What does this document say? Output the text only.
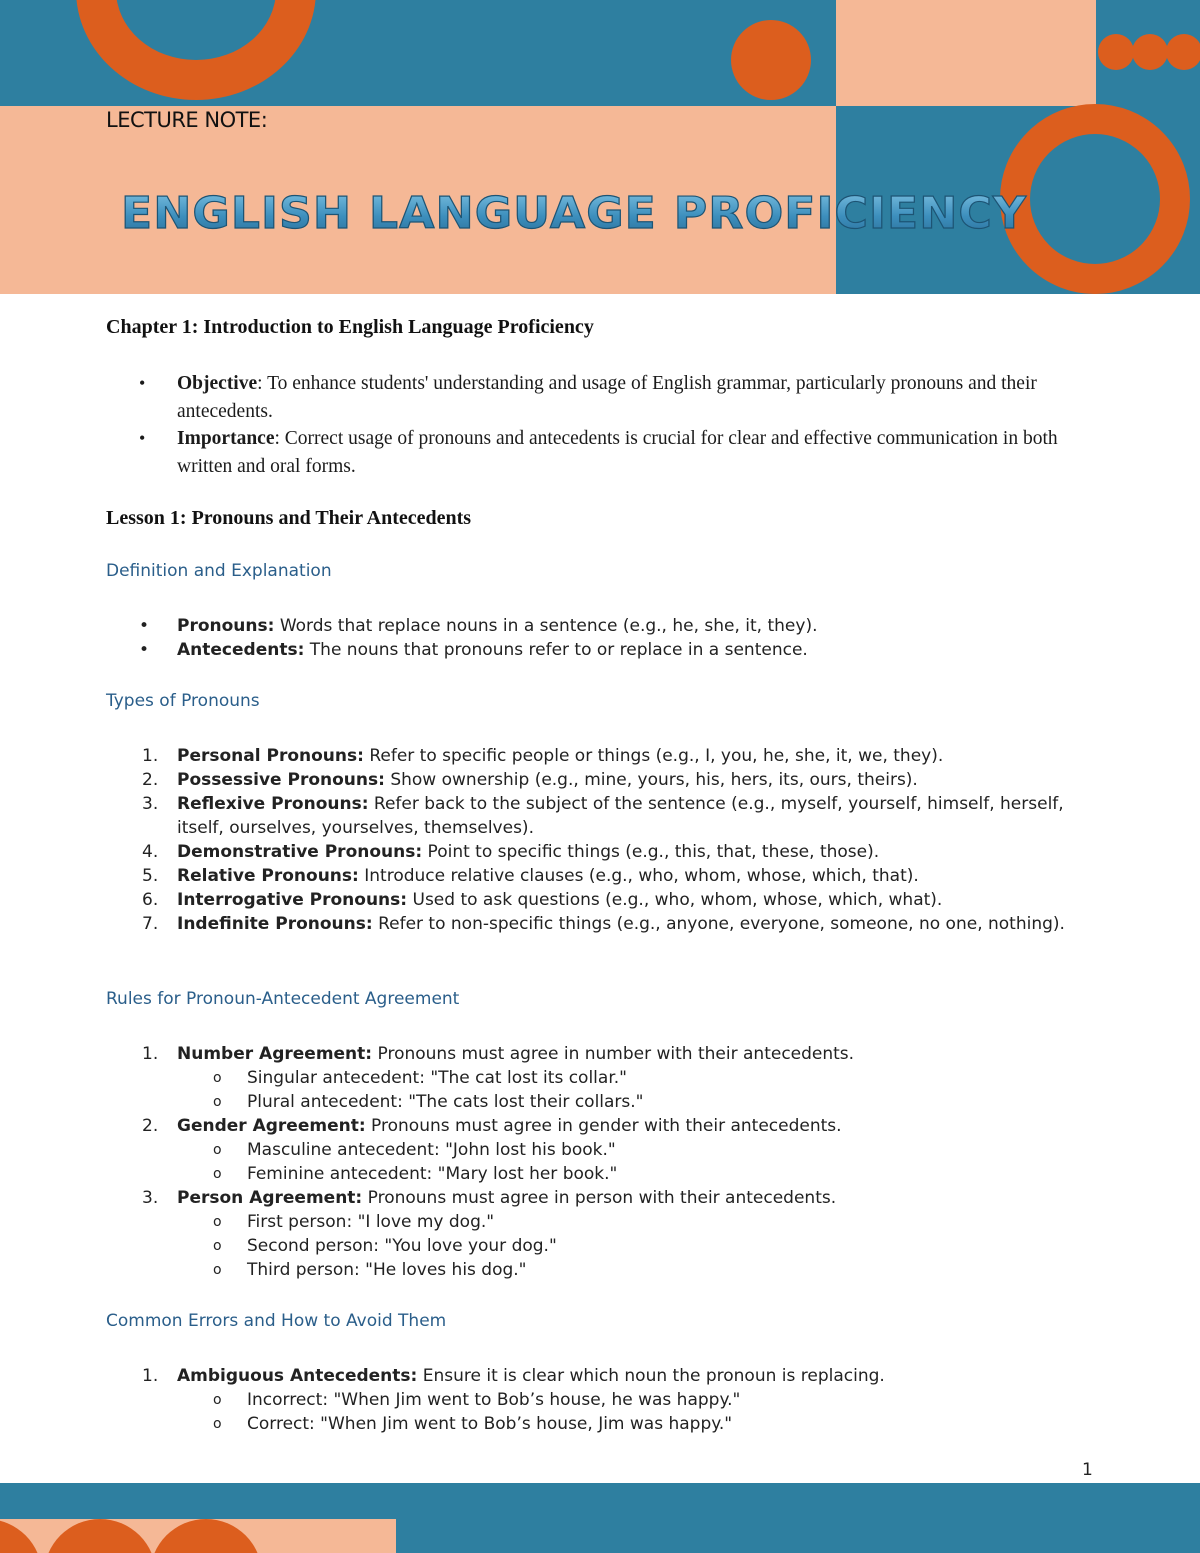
LECTURE NOTE:

ENGLISH LANGUAGE PROFICIENCY
Chapter 1: Introduction to English Language Proficiency
• Objective: To enhance students' understanding and usage of English grammar, particularly pronouns and their antecedents.
• Importance: Correct usage of pronouns and antecedents is crucial for clear and effective communication in both written and oral forms.
Lesson 1: Pronouns and Their Antecedents
Definition and Explanation
• Pronouns: Words that replace nouns in a sentence (e.g., he, she, it, they).
• Antecedents: The nouns that pronouns refer to or replace in a sentence.
Types of Pronouns
1. Personal Pronouns: Refer to specific people or things (e.g., I, you, he, she, it, we, they).
2. Possessive Pronouns: Show ownership (e.g., mine, yours, his, hers, its, ours, theirs).
3. Reflexive Pronouns: Refer back to the subject of the sentence (e.g., myself, yourself, himself, herself, itself, ourselves, yourselves, themselves).
4. Demonstrative Pronouns: Point to specific things (e.g., this, that, these, those).
5. Relative Pronouns: Introduce relative clauses (e.g., who, whom, whose, which, that).
6. Interrogative Pronouns: Used to ask questions (e.g., who, whom, whose, which, what).
7. Indefinite Pronouns: Refer to non-specific things (e.g., anyone, everyone, someone, no one, nothing).
Rules for Pronoun-Antecedent Agreement
1. Number Agreement: Pronouns must agree in number with their antecedents.
o Singular antecedent: "The cat lost its collar."
o Plural antecedent: "The cats lost their collars."
2. Gender Agreement: Pronouns must agree in gender with their antecedents.
o Masculine antecedent: "John lost his book."
o Feminine antecedent: "Mary lost her book."
3. Person Agreement: Pronouns must agree in person with their antecedents.
o First person: "I love my dog."
o Second person: "You love your dog."
o Third person: "He loves his dog."
Common Errors and How to Avoid Them
1. Ambiguous Antecedents: Ensure it is clear which noun the pronoun is replacing.
o Incorrect: "When Jim went to Bob’s house, he was happy."
o Correct: "When Jim went to Bob’s house, Jim was happy."

1
